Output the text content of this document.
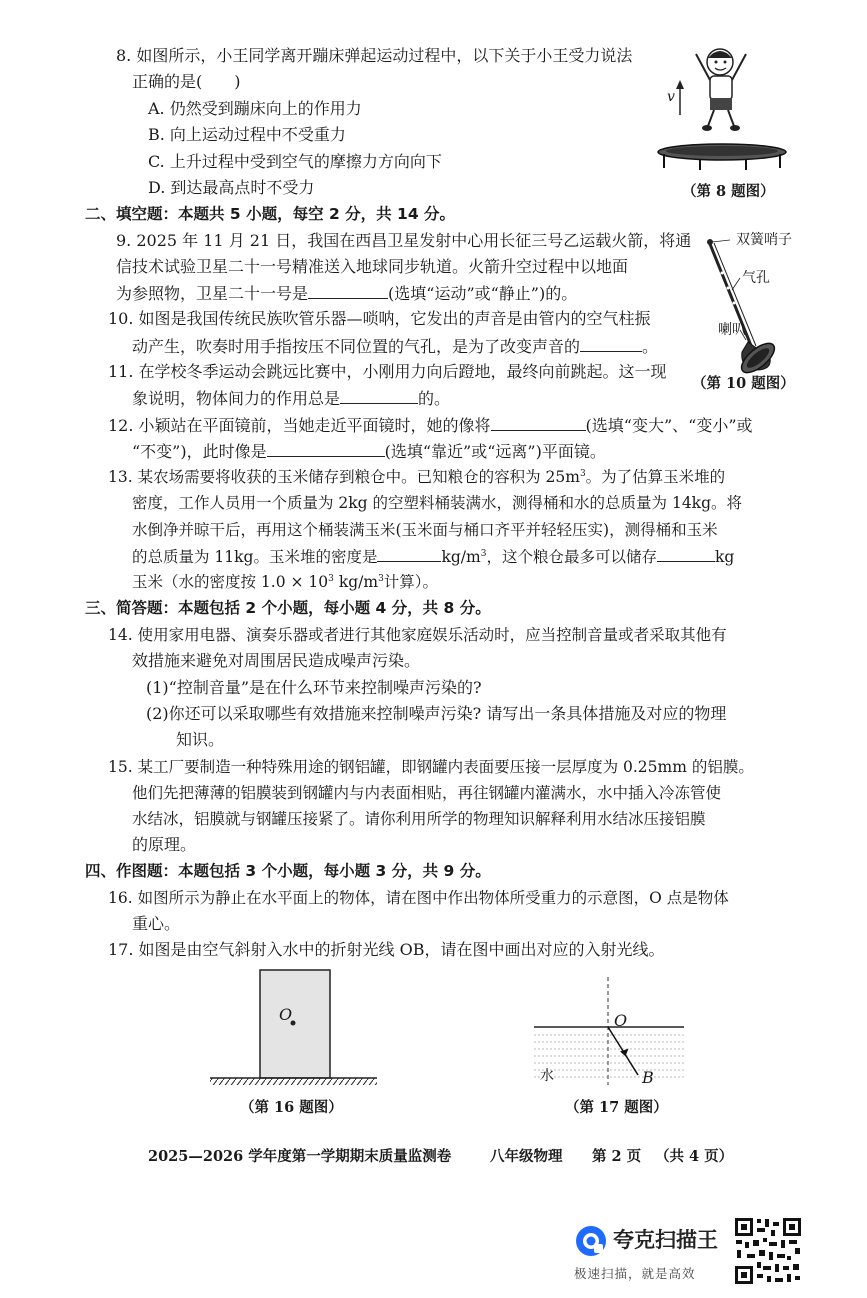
8. 如图所示，小王同学离开蹦床弹起运动过程中，以下关于小王受力说法
正确的是(　　)
A. 仍然受到蹦床向上的作用力
B. 向上运动过程中不受重力
C. 上升过程中受到空气的摩擦力方向向下
D. 到达最高点时不受力
v
（第 8 题图）
二、填空题：本题共 5 小题，每空 2 分，共 14 分。
9. 2025 年 11 月 21 日，我国在西昌卫星发射中心用长征三号乙运载火箭，将通
信技术试验卫星二十一号精准送入地球同步轨道。火箭升空过程中以地面
为参照物，卫星二十一号是	(选填“运动”或“静止”)的。
双簧哨子
气孔
喇叭
（第 10 题图）
10. 如图是我国传统民族吹管乐器—唢呐，它发出的声音是由管内的空气柱振
动产生，吹奏时用手指按压不同位置的气孔，是为了改变声音的	。
11. 在学校冬季运动会跳远比赛中，小刚用力向后蹬地，最终向前跳起。这一现
象说明，物体间力的作用总是	的。
12. 小颖站在平面镜前，当她走近平面镜时，她的像将	(选填“变大”、“变小”或
“不变”)，此时像是	(选填“靠近”或“远离”)平面镜。
13. 某农场需要将收获的玉米储存到粮仓中。已知粮仓的容积为 $25m^3$。为了估算玉米堆的
密度，工作人员用一个质量为 2kg 的空塑料桶装满水，测得桶和水的总质量为 14kg。将
水倒净并晾干后，再用这个桶装满玉米(玉米面与桶口齐平并轻轻压实)，测得桶和玉米
的总质量为 11kg。玉米堆的密度是	$kg/m^3$，这个粮仓最多可以储存	kg
玉米（水的密度按 $1.0 \times 10^3$ $kg/m^3$计算）。
三、简答题：本题包括 2 个小题，每小题 4 分，共 8 分。
14. 使用家用电器、演奏乐器或者进行其他家庭娱乐活动时，应当控制音量或者采取其他有
效措施来避免对周围居民造成噪声污染。
(1)“控制音量”是在什么环节来控制噪声污染的?
(2)你还可以采取哪些有效措施来控制噪声污染? 请写出一条具体措施及对应的物理
知识。
15. 某工厂要制造一种特殊用途的钢铝罐，即钢罐内表面要压接一层厚度为 0.25mm 的铝膜。
他们先把薄薄的铝膜装到钢罐内与内表面相贴，再往钢罐内灌满水，水中插入冷冻管使
水结冰，铝膜就与钢罐压接紧了。请你利用所学的物理知识解释利用水结冰压接铝膜
的原理。
四、作图题：本题包括 3 个小题，每小题 3 分，共 9 分。
16. 如图所示为静止在水平面上的物体，请在图中作出物体所受重力的示意图，O 点是物体
重心。
17. 如图是由空气斜射入水中的折射光线 OB，请在图中画出对应的入射光线。
O
（第 16 题图）
O
B
水
（第 17 题图）
2025—2026 学年度第一学期期末质量监测卷	八年级物理 第 2 页 （共 4 页）
夸克扫描王
极速扫描，就是高效
